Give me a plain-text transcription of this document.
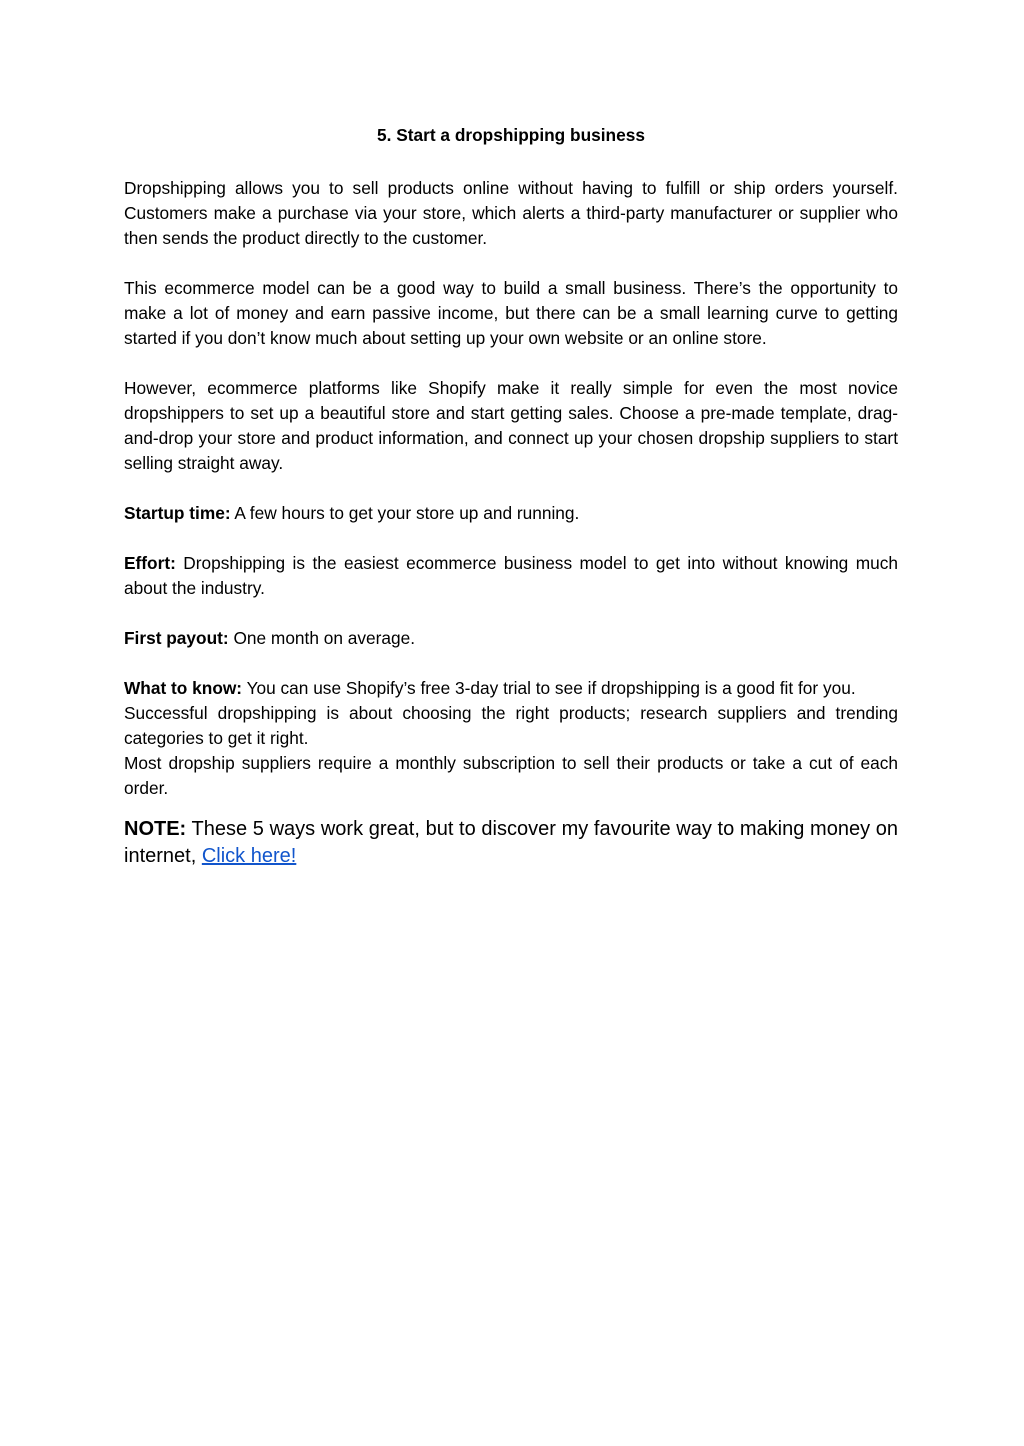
5. Start a dropshipping business

Dropshipping allows you to sell products online without having to fulfill or ship orders yourself. Customers make a purchase via your store, which alerts a third-party manufacturer or supplier who then sends the product directly to the customer.

This ecommerce model can be a good way to build a small business. There’s the opportunity to make a lot of money and earn passive income, but there can be a small learning curve to getting started if you don’t know much about setting up your own website or an online store.

However, ecommerce platforms like Shopify make it really simple for even the most novice dropshippers to set up a beautiful store and start getting sales. Choose a pre-made template, drag-and-drop your store and product information, and connect up your chosen dropship suppliers to start selling straight away.

Startup time: A few hours to get your store up and running.

Effort: Dropshipping is the easiest ecommerce business model to get into without knowing much about the industry.

First payout: One month on average.

What to know: You can use Shopify’s free 3-day trial to see if dropshipping is a good fit for you.

Successful dropshipping is about choosing the right products; research suppliers and trending categories to get it right.

Most dropship suppliers require a monthly subscription to sell their products or take a cut of each order.

NOTE: These 5 ways work great, but to discover my favourite way to making money on internet, Click here!
